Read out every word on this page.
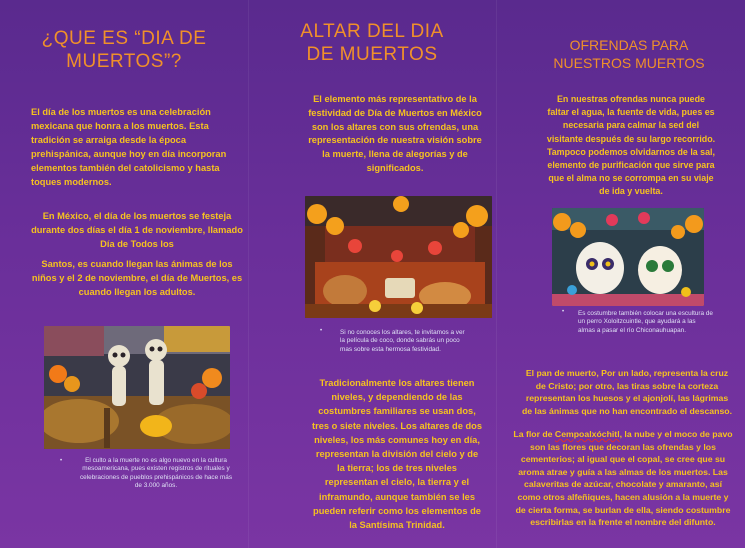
¿QUE ES “DIA DE
MUERTOS”?

El día de los muertos es una celebración mexicana que honra a los muertos. Esta tradición se arraiga desde la época prehispánica, aunque hoy en día incorporan elementos también del catolicismo y hasta toques modernos.

En México, el día de los muertos se festeja durante dos días el día 1 de noviembre, llamado Día de Todos los

Santos, es cuando llegan las ánimas de los niños y el 2 de noviembre, el día de Muertos, es cuando llegan los adultos.

•	El culto a la muerte no es algo nuevo en la cultura mesoamericana, pues existen registros de rituales y celebraciones de pueblos prehispánicos de hace más de 3.000 años.
ALTAR DEL DIA
DE MUERTOS

El elemento más representativo de la festividad de Día de Muertos en México son los altares con sus ofrendas, una representación de nuestra visión sobre la muerte, llena de alegorías y de significados.

•	Si no conoces los altares, te invitamos a ver la película de coco, donde sabrás un poco mas sobre esta hermosa festividad.

Tradicionalmente los altares tienen niveles, y dependiendo de las costumbres familiares se usan dos, tres o siete niveles. Los altares de dos niveles, los más comunes hoy en día, representan la división del cielo y de la tierra; los de tres niveles representan el cielo, la tierra y el inframundo, aunque también se les pueden referir como los elementos de la Santísima Trinidad.

OFRENDAS PARA
NUESTROS MUERTOS

En nuestras ofrendas nunca puede faltar el agua, la fuente de vida, pues es necesaria para calmar la sed del visitante después de su largo recorrido. Tampoco podemos olvidarnos de la sal, elemento de purificación que sirve para que el alma no se corrompa en su viaje de ida y vuelta.

• Es costumbre también colocar una escultura de un perro Xoloitzcuintle, que ayudará a las almas a pasar el río Chiconauhuapan.

El pan de muerto, Por un lado, representa la cruz de Cristo; por otro, las tiras sobre la corteza representan los huesos y el ajonjolí, las lágrimas de las ánimas que no han encontrado el descanso.

La flor de Cempoalxóchitl, la nube y el moco de pavo son las flores que decoran las ofrendas y los cementerios; al igual que el copal, se cree que su aroma atrae y guía a las almas de los muertos. Las calaveritas de azúcar, chocolate y amaranto, así como otros alfeñiques, hacen alusión a la muerte y de cierta forma, se burlan de ella, siendo costumbre escribirlas en la frente el nombre del difunto.
